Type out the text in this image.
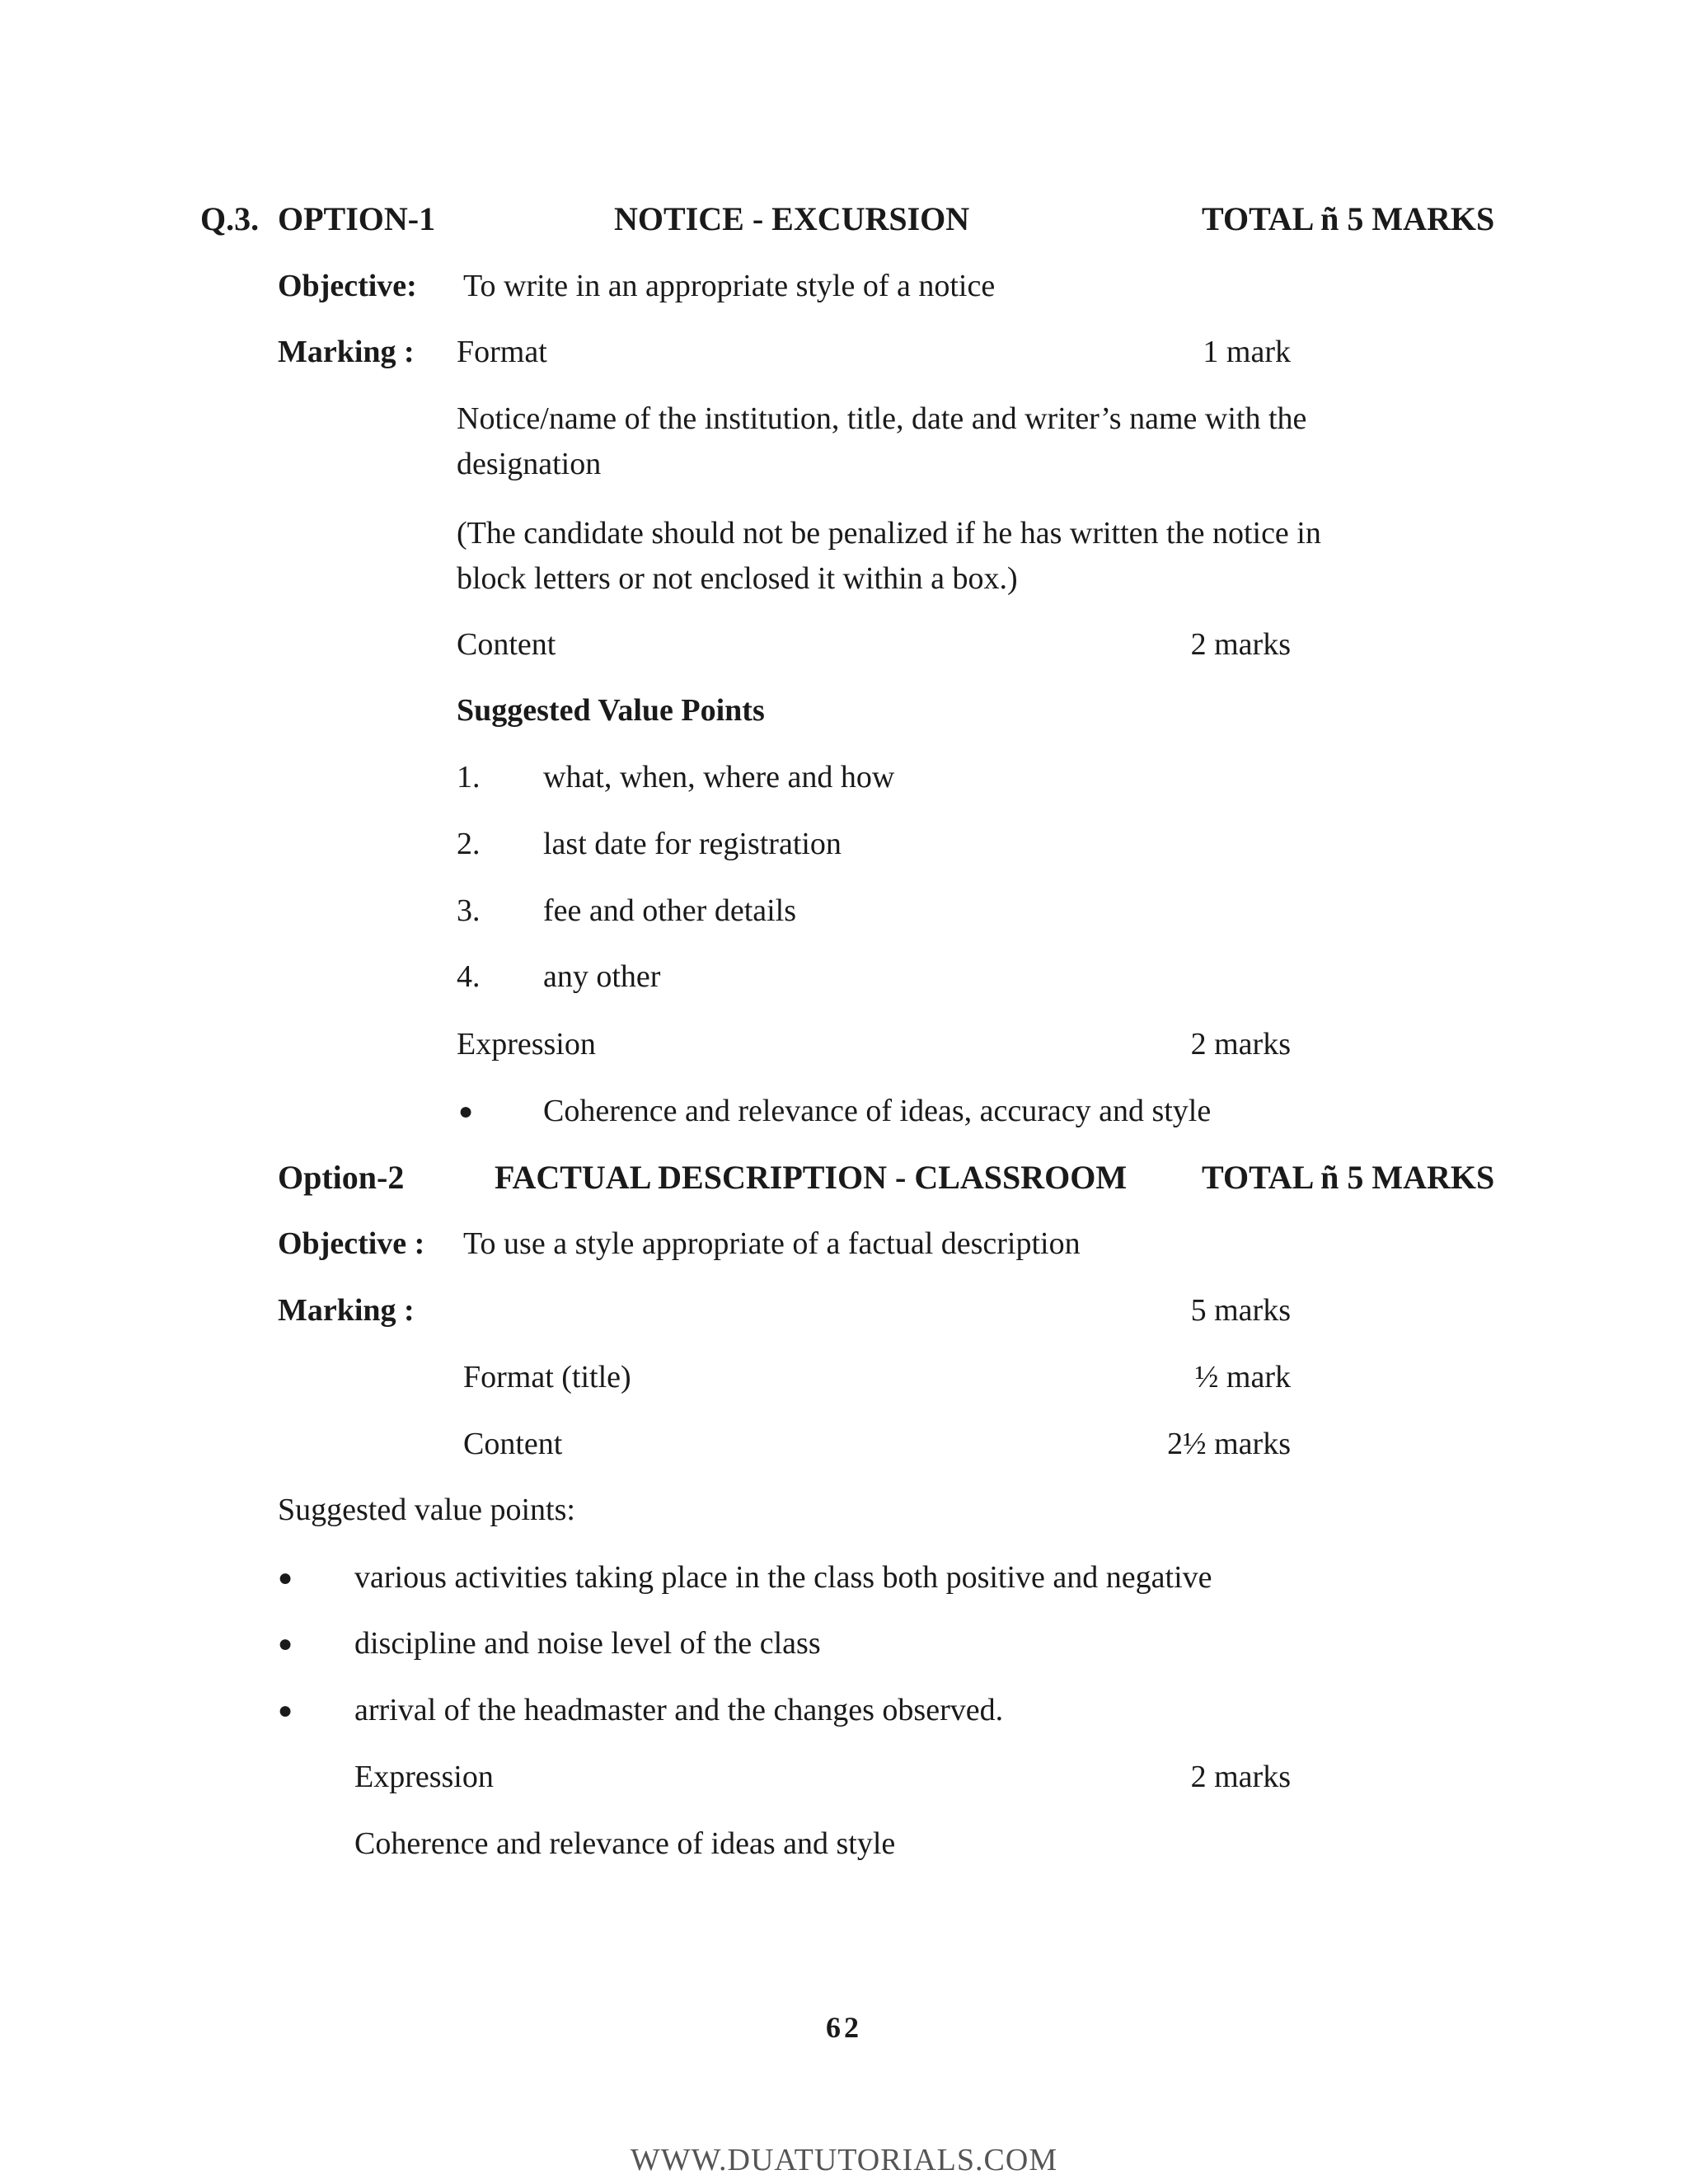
Q.3. OPTION-1	NOTICE - EXCURSION	TOTAL ñ 5 MARKS
Objective: To write in an appropriate style of a notice
Marking : Format	1 mark
Notice/name of the institution, title, date and writer’s name with the
designation
(The candidate should not be penalized if he has written the notice in
block letters or not enclosed it within a box.)
Content	2 marks
Suggested Value Points
1. what, when, where and how
2. last date for registration
3. fee and other details
4. any other
Expression	2 marks
● Coherence and relevance of ideas, accuracy and style
Option-2	FACTUAL DESCRIPTION - CLASSROOM TOTAL ñ 5 MARKS
Objective : To use a style appropriate of a factual description
Marking :	5 marks
Format (title)	½ mark
Content	2½ marks
Suggested value points:
● various activities taking place in the class both positive and negative
● discipline and noise level of the class
● arrival of the headmaster and the changes observed.
Expression	2 marks
Coherence and relevance of ideas and style
62
WWW.DUATUTORIALS.COM
